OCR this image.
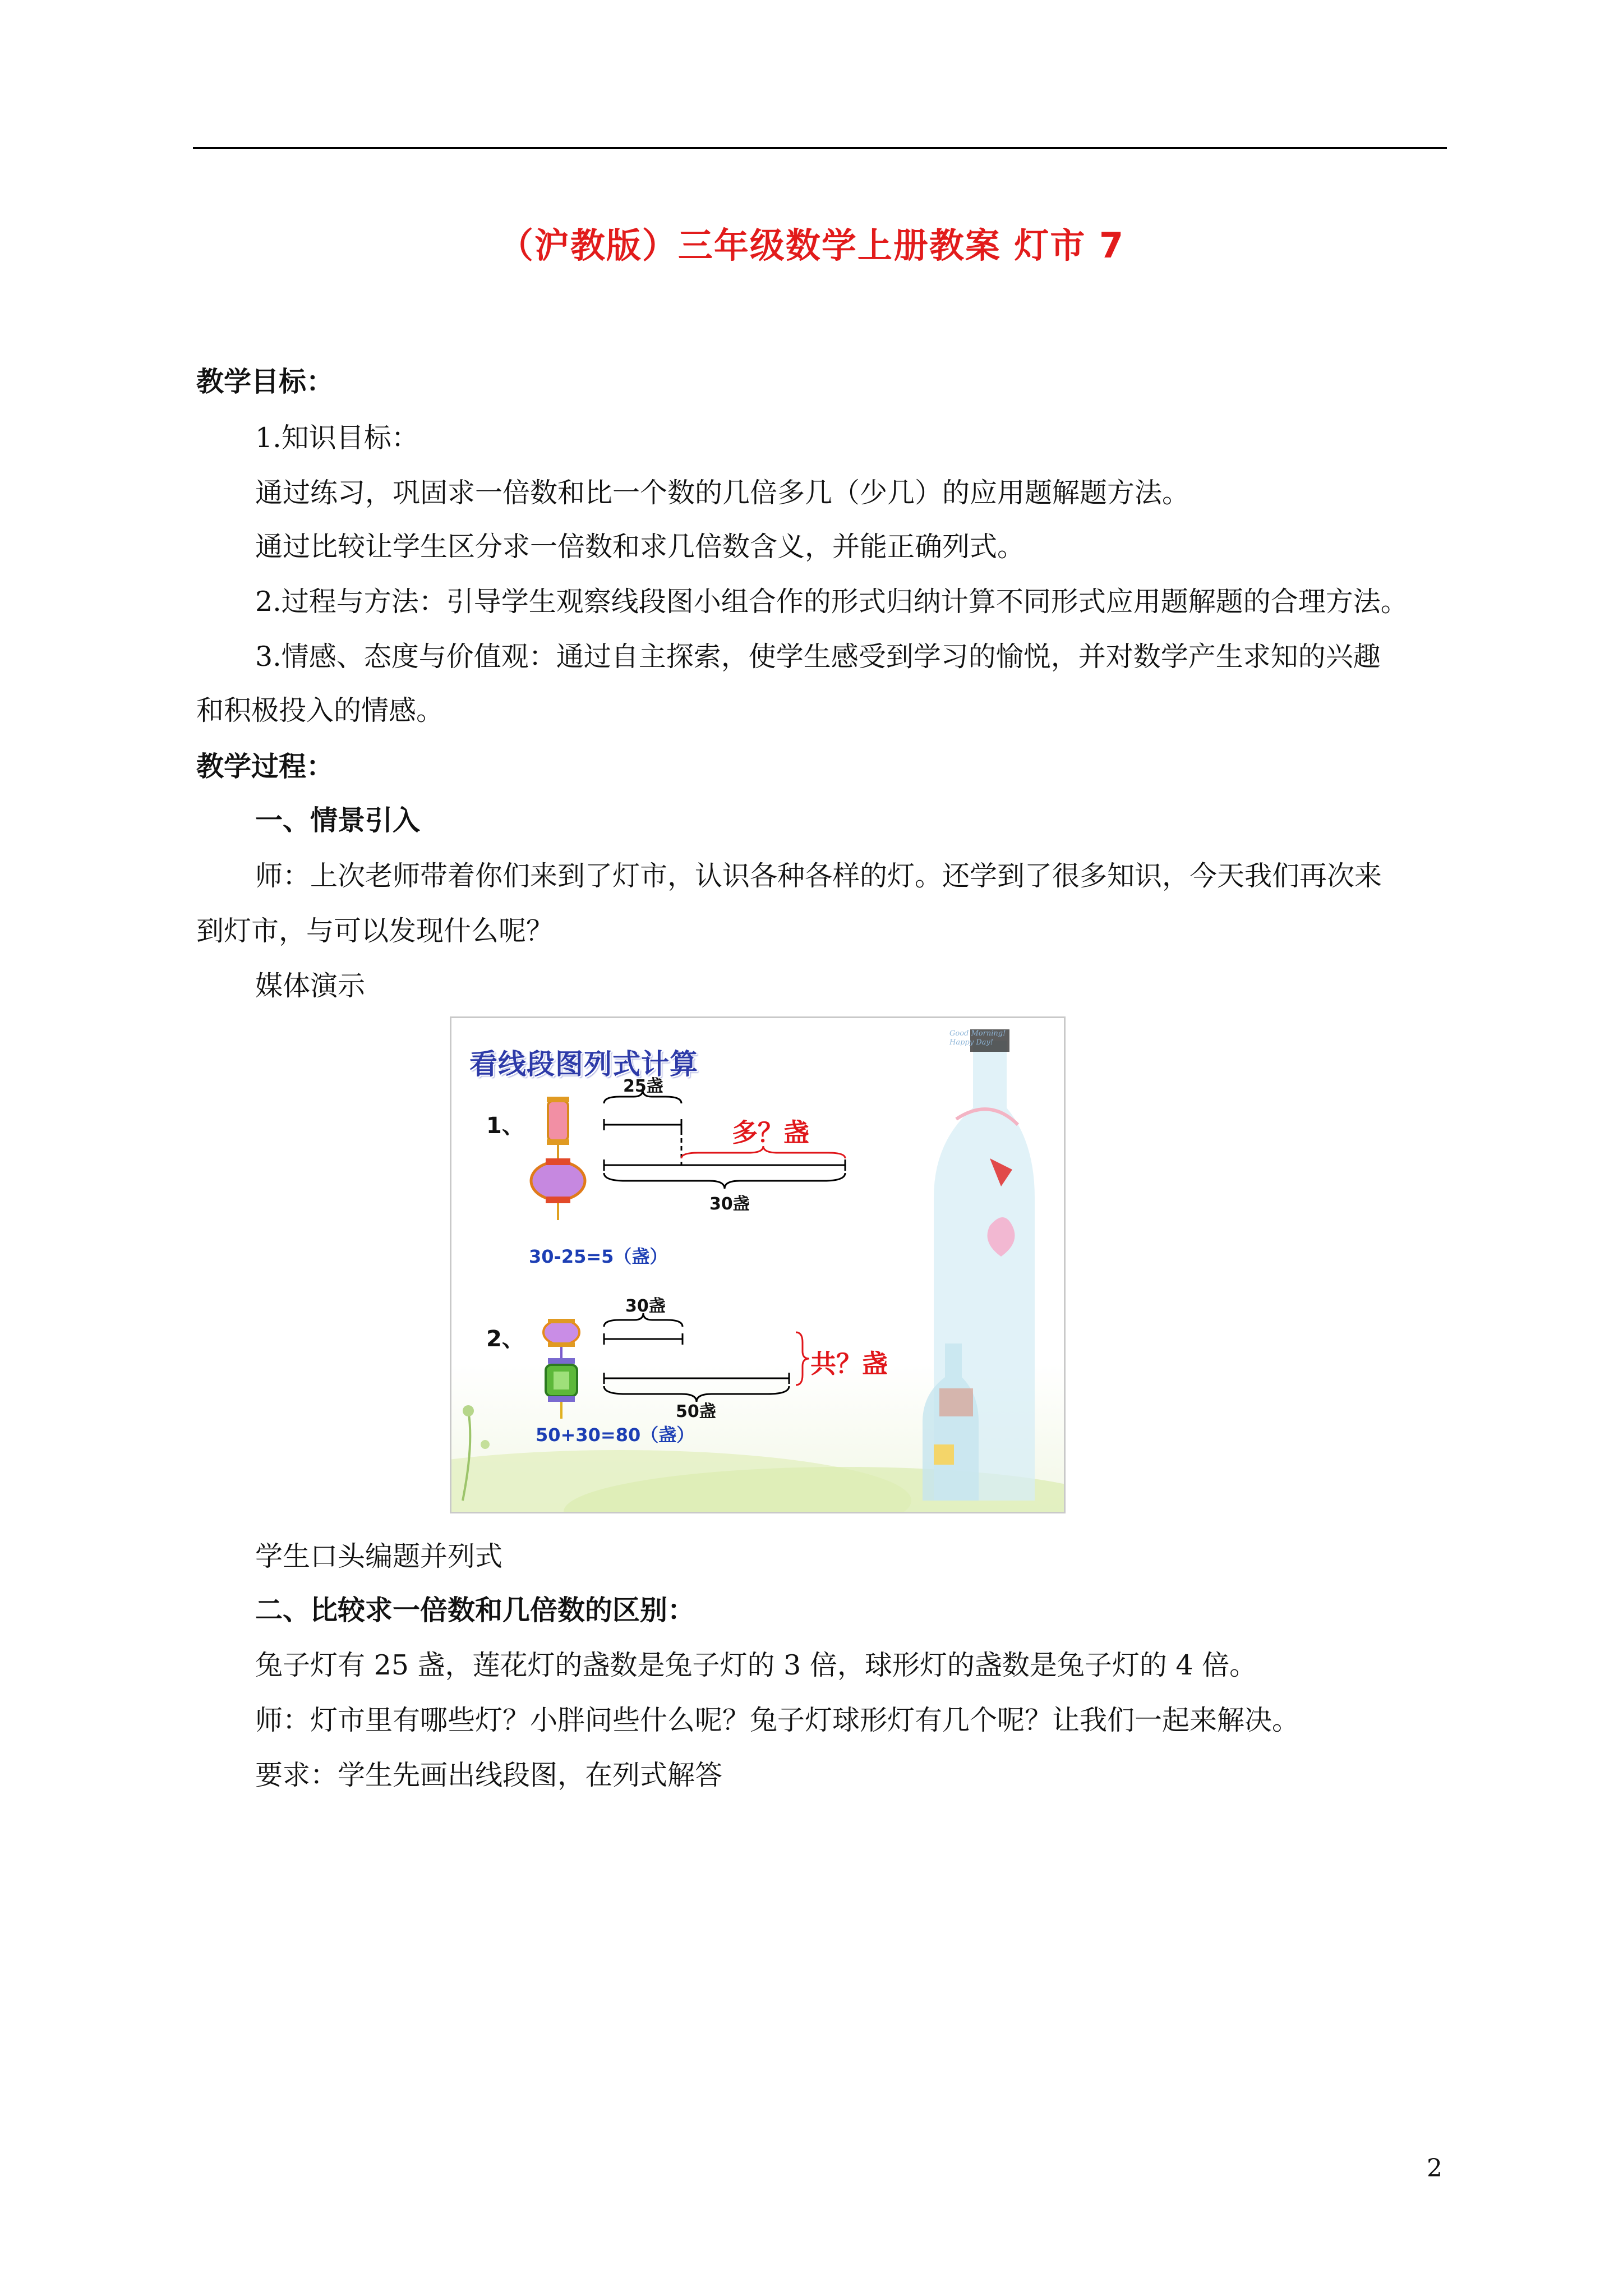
（沪教版）三年级数学上册教案 灯市 7
教学目标：
1.知识目标：
通过练习，巩固求一倍数和比一个数的几倍多几（少几）的应用题解题方法。
通过比较让学生区分求一倍数和求几倍数含义，并能正确列式。
2.过程与方法：引导学生观察线段图小组合作的形式归纳计算不同形式应用题解题的合理方法。
3.情感、态度与价值观：通过自主探索，使学生感受到学习的愉悦，并对数学产生求知的兴趣
和积极投入的情感。
教学过程：
一、情景引入
师：上次老师带着你们来到了灯市，认识各种各样的灯。还学到了很多知识，今天我们再次来
到灯市，与可以发现什么呢？
媒体演示
看线段图列式计算
Good Morning!
Happy Day!
1、
25盏
多？盏
30盏
30-25=5（盏）
2、
30盏
共？盏
50盏
50+30=80（盏）
学生口头编题并列式
二、比较求一倍数和几倍数的区别：
兔子灯有 25 盏，莲花灯的盏数是兔子灯的 3 倍，球形灯的盏数是兔子灯的 4 倍。
师：灯市里有哪些灯？小胖问些什么呢？兔子灯球形灯有几个呢？让我们一起来解决。
要求：学生先画出线段图，在列式解答
2
